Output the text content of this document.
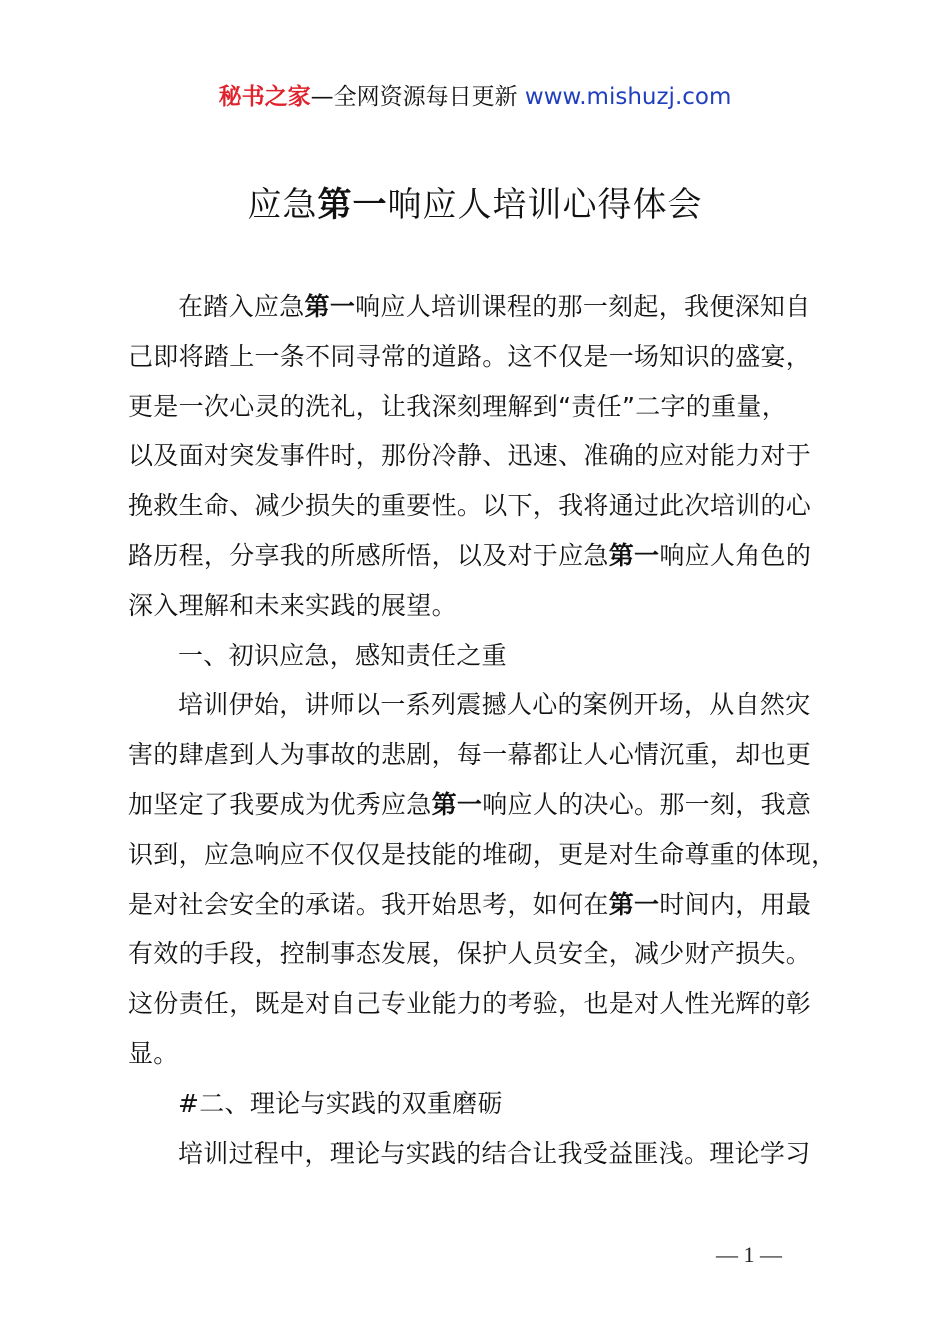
秘书之家—全网资源每日更新 www.mishuzj.com
应急第一响应人培训心得体会
在踏入应急第一响应人培训课程的那一刻起，我便深知自
己即将踏上一条不同寻常的道路。这不仅是一场知识的盛宴，
更是一次心灵的洗礼，让我深刻理解到“责任”二字的重量，
以及面对突发事件时，那份冷静、迅速、准确的应对能力对于
挽救生命、减少损失的重要性。以下，我将通过此次培训的心
路历程，分享我的所感所悟，以及对于应急第一响应人角色的
深入理解和未来实践的展望。
一、初识应急，感知责任之重
培训伊始，讲师以一系列震撼人心的案例开场，从自然灾
害的肆虐到人为事故的悲剧，每一幕都让人心情沉重，却也更
加坚定了我要成为优秀应急第一响应人的决心。那一刻，我意
识到，应急响应不仅仅是技能的堆砌，更是对生命尊重的体现，
是对社会安全的承诺。我开始思考，如何在第一时间内，用最
有效的手段，控制事态发展，保护人员安全，减少财产损失。
这份责任，既是对自己专业能力的考验，也是对人性光辉的彰
显。
#二、理论与实践的双重磨砺
培训过程中，理论与实践的结合让我受益匪浅。理论学习
— 1 —
